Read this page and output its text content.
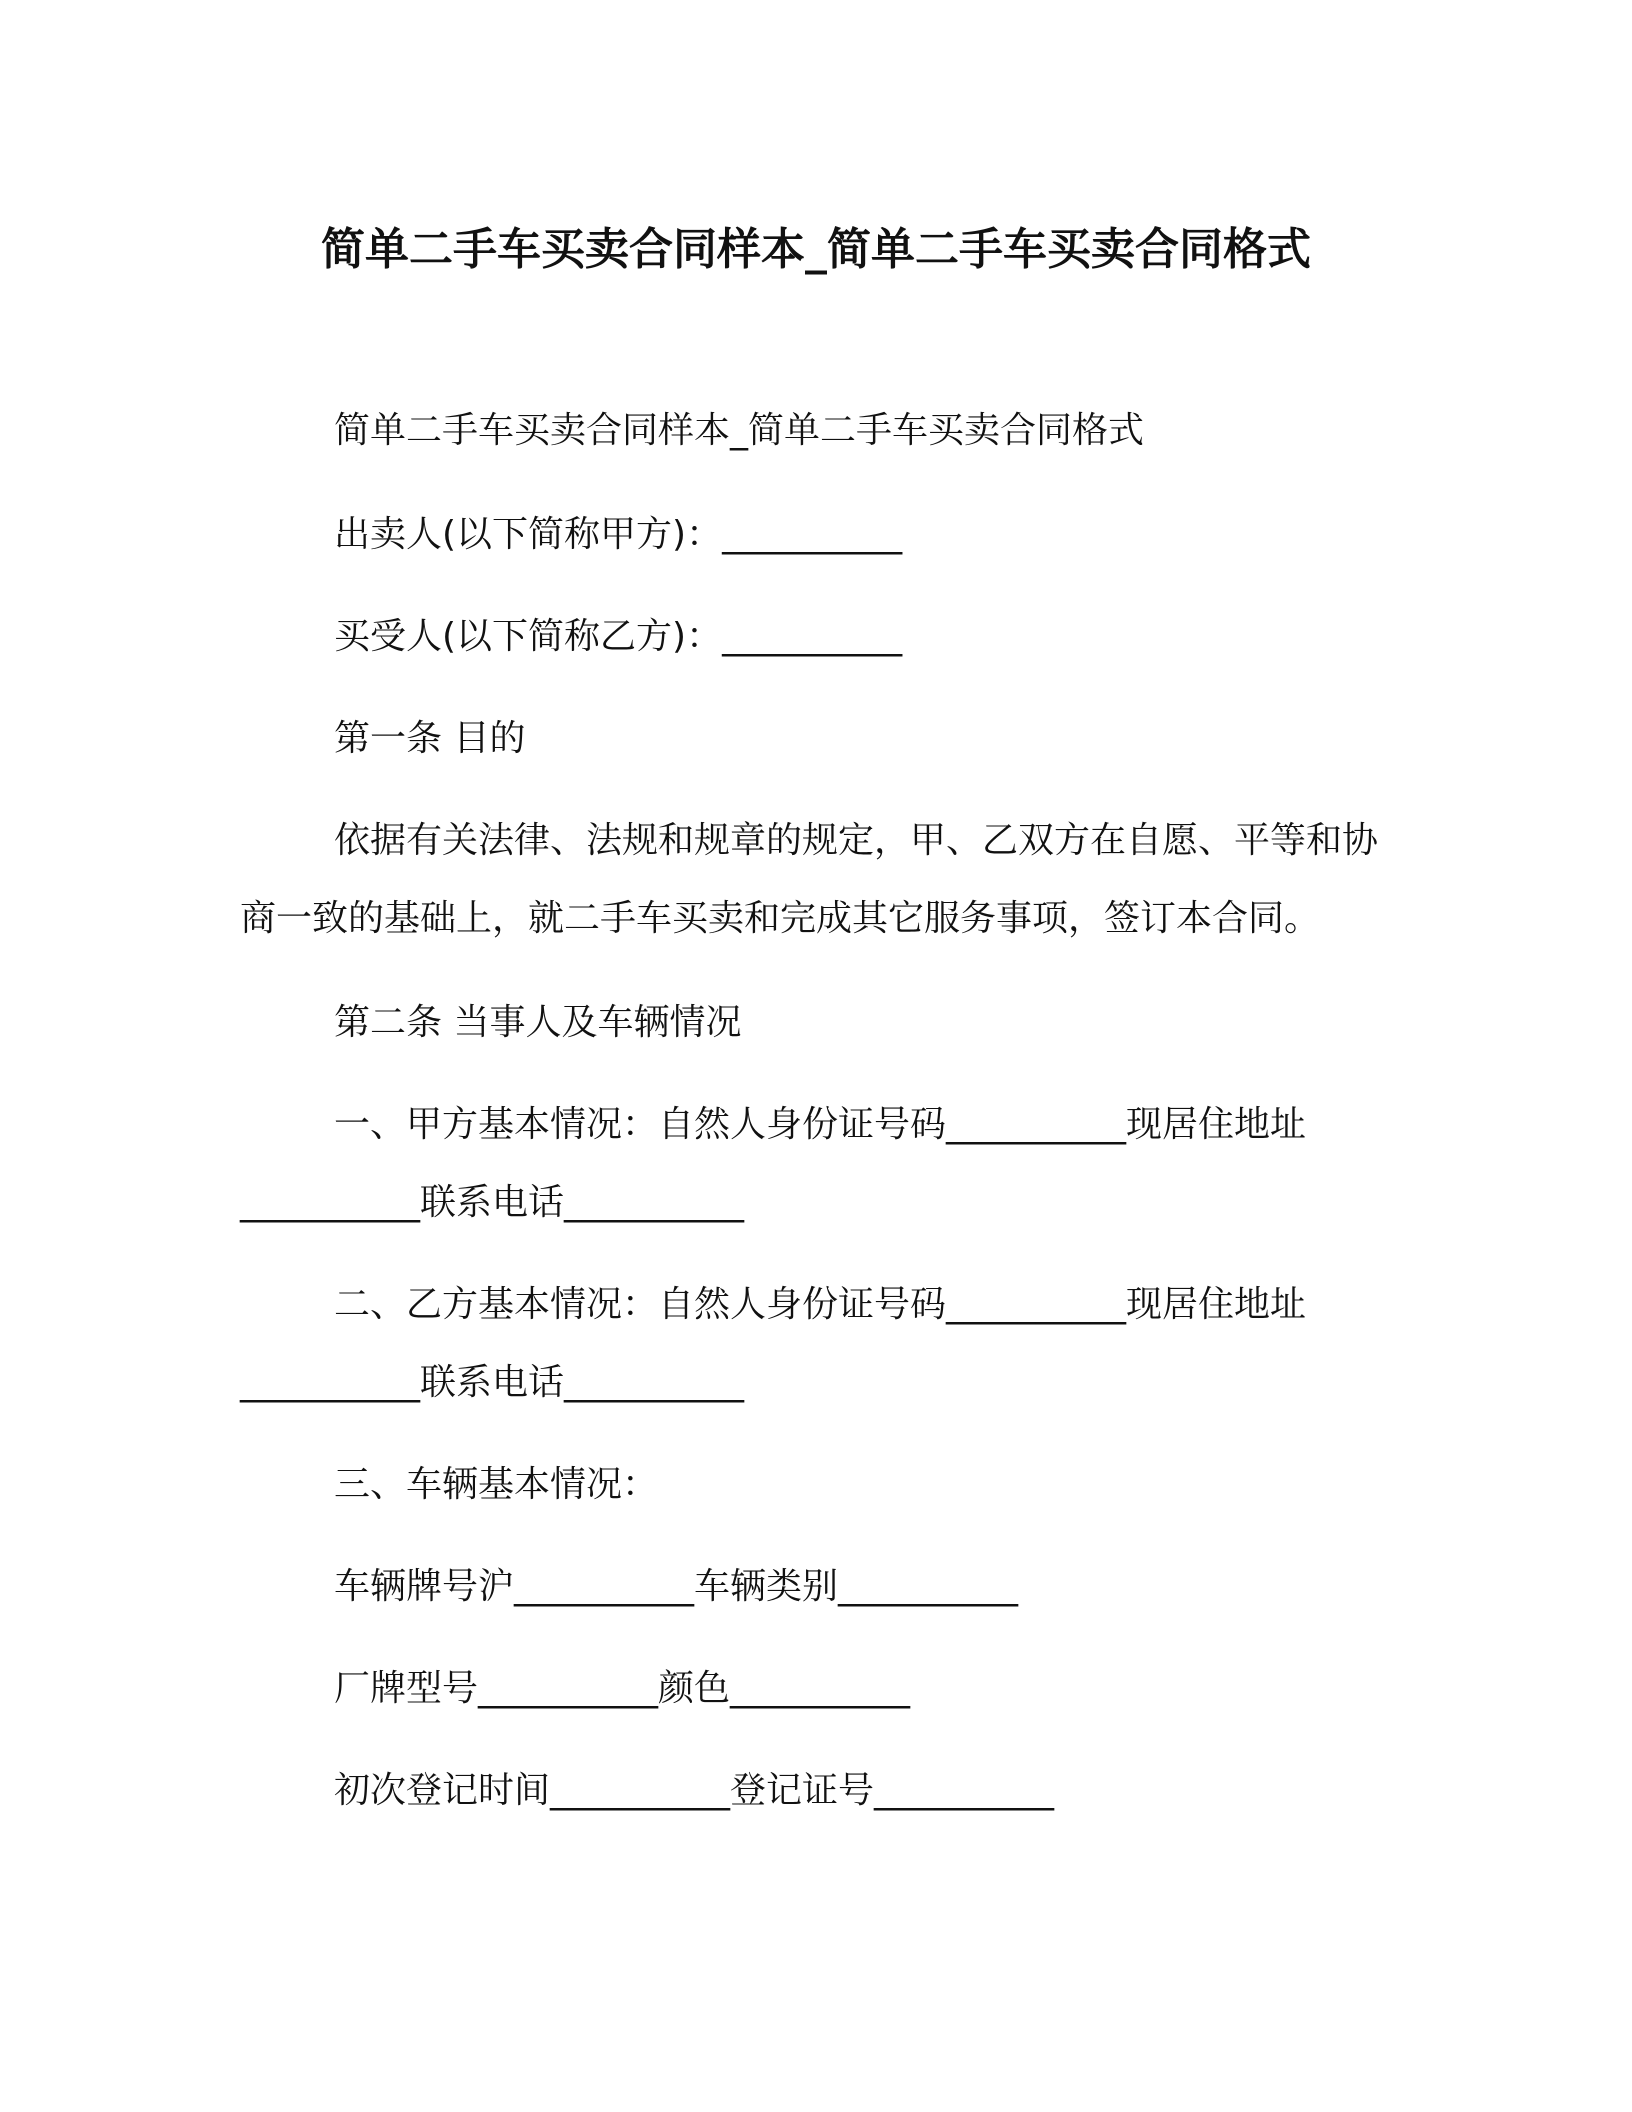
简单二手车买卖合同样本_简单二手车买卖合同格式

简单二手车买卖合同样本_简单二手车买卖合同格式

出卖人(以下简称甲方)：__________

买受人(以下简称乙方)：__________

第一条 目的

依据有关法律、法规和规章的规定，甲、乙双方在自愿、平等和协商一致的基础上，就二手车买卖和完成其它服务事项，签订本合同。

第二条 当事人及车辆情况

一、甲方基本情况：自然人身份证号码__________现居住地址__________联系电话__________

二、乙方基本情况：自然人身份证号码__________现居住地址__________联系电话__________

三、车辆基本情况：

车辆牌号沪__________车辆类别__________

厂牌型号__________颜色__________

初次登记时间__________登记证号__________
